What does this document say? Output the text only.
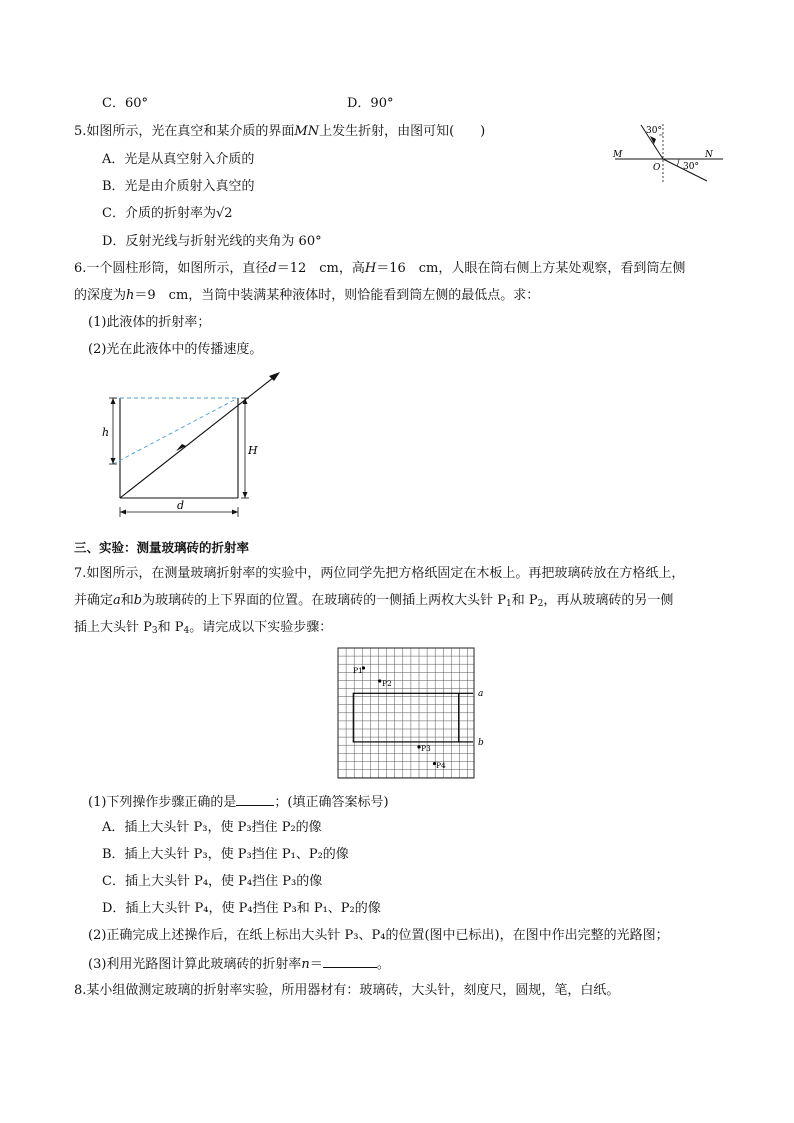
C．60°	D．90°
5.如图所示，光在真空和某介质的界面MN上发生折射，由图可知(　　)
A．光是从真空射入介质的
B．光是由介质射入真空的
C．介质的折射率为√2
D．反射光线与折射光线的夹角为 60°
30°
30°
M	N
O
6.一个圆柱形筒，如图所示，直径d＝12　cm，高H＝16　cm，人眼在筒右侧上方某处观察，看到筒左侧
的深度为h＝9　cm，当筒中装满某种液体时，则恰能看到筒左侧的最低点。求：
(1)此液体的折射率；
(2)光在此液体中的传播速度。
h
H
d
三、实验：测量玻璃砖的折射率
7.如图所示，在测量玻璃折射率的实验中，两位同学先把方格纸固定在木板上。再把玻璃砖放在方格纸上，
并确定a和b为玻璃砖的上下界面的位置。在玻璃砖的一侧插上两枚大头针 $P_1$和 $P_2$，再从玻璃砖的另一侧
插上大头针 $P_3$和 $P_4$。请完成以下实验步骤：
P1
P2
P3
P4
a
b
(1)下列操作步骤正确的是	；(填正确答案标号)
A．插上大头针 P₃，使 P₃挡住 P₂的像
B．插上大头针 P₃，使 P₃挡住 P₁、P₂的像
C．插上大头针 P₄，使 P₄挡住 P₃的像
D．插上大头针 P₄，使 P₄挡住 P₃和 P₁、P₂的像
(2)正确完成上述操作后，在纸上标出大头针 P₃、P₄的位置(图中已标出)，在图中作出完整的光路图；
(3)利用光路图计算此玻璃砖的折射率n＝	。
8.某小组做测定玻璃的折射率实验，所用器材有：玻璃砖，大头针，刻度尺，圆规，笔，白纸。
